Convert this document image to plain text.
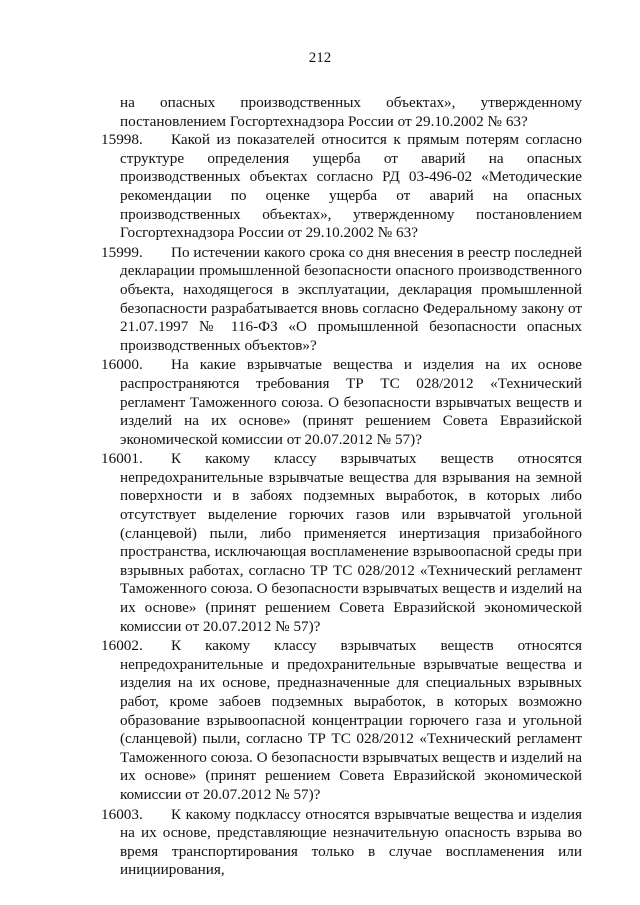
212

на опасных производственных объектах», утвержденному постановлением Госгортехнадзора России от 29.10.2002 № 63?

15998. Какой из показателей относится к прямым потерям согласно структуре определения ущерба от аварий на опасных производственных объектах согласно РД 03-496-02 «Методические рекомендации по оценке ущерба от аварий на опасных производственных объектах», утвержденному постановлением Госгортехнадзора России от 29.10.2002 № 63?
15999. По истечении какого срока со дня внесения в реестр последней декларации промышленной безопасности опасного производственного объекта, находящегося в эксплуатации, декларация промышленной безопасности разрабатывается вновь согласно Федеральному закону от 21.07.1997 № 116-ФЗ «О промышленной безопасности опасных производственных объектов»?
16000. На какие взрывчатые вещества и изделия на их основе распространяются требования ТР ТС 028/2012 «Технический регламент Таможенного союза. О безопасности взрывчатых веществ и изделий на их основе» (принят решением Совета Евразийской экономической комиссии от 20.07.2012 № 57)?
16001. К какому классу взрывчатых веществ относятся непредохранительные взрывчатые вещества для взрывания на земной поверхности и в забоях подземных выработок, в которых либо отсутствует выделение горючих газов или взрывчатой угольной (сланцевой) пыли, либо применяется инертизация призабойного пространства, исключающая воспламенение взрывоопасной среды при взрывных работах, согласно ТР ТС 028/2012 «Технический регламент Таможенного союза. О безопасности взрывчатых веществ и изделий на их основе» (принят решением Совета Евразийской экономической комиссии от 20.07.2012 № 57)?
16002. К какому классу взрывчатых веществ относятся непредохранительные и предохранительные взрывчатые вещества и изделия на их основе, предназначенные для специальных взрывных работ, кроме забоев подземных выработок, в которых возможно образование взрывоопасной концентрации горючего газа и угольной (сланцевой) пыли, согласно ТР ТС 028/2012 «Технический регламент Таможенного союза. О безопасности взрывчатых веществ и изделий на их основе» (принят решением Совета Евразийской экономической комиссии от 20.07.2012 № 57)?
16003. К какому подклассу относятся взрывчатые вещества и изделия на их основе, представляющие незначительную опасность взрыва во время транспортирования только в случае воспламенения или инициирования,
